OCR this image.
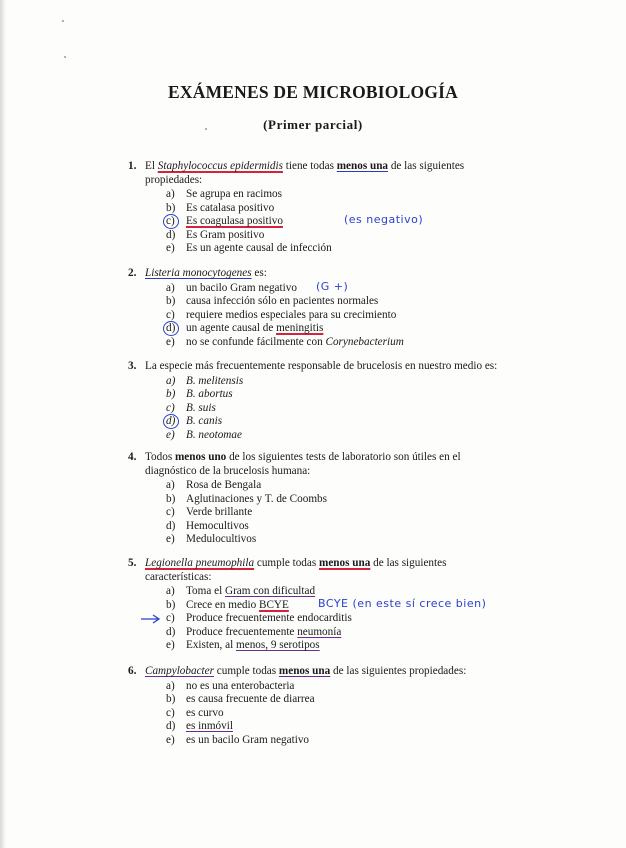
EXÁMENES DE MICROBIOLOGÍA
(Primer parcial)
1. El Staphylococcus epidermidis tiene todas menos una de las siguientes
propiedades:
a) Se agrupa en racimos
b) Es catalasa positivo
c) Es coagulasa positivo	(es negativo)
d) Es Gram positivo
e) Es un agente causal de infección
2. Listeria monocytogenes es:
a) un bacilo Gram negativo (G +)
b) causa infección sólo en pacientes normales
c) requiere medios especiales para su crecimiento
d) un agente causal de meningitis
e) no se confunde fácilmente con Corynebacterium
3. La especie más frecuentemente responsable de brucelosis en nuestro medio es:
a) B. melitensis
b) B. abortus
c) B. suis
d) B. canis
e) B. neotomae
4. Todos menos uno de los siguientes tests de laboratorio son útiles en el
diagnóstico de la brucelosis humana:
a) Rosa de Bengala
b) Aglutinaciones y T. de Coombs
c) Verde brillante
d) Hemocultivos
e) Medulocultivos
5. Legionella pneumophila cumple todas menos una de las siguientes
características:
a) Toma el Gram con dificultad
b) Crece en medio BCYE	BCYE (en este sí crece bien)
c) Produce frecuentemente endocarditis
d) Produce frecuentemente neumonía
e) Existen, al menos, 9 serotipos
6. Campylobacter cumple todas menos una de las siguientes propiedades:
a) no es una enterobacteria
b) es causa frecuente de diarrea
c) es curvo
d) es inmóvil
e) es un bacilo Gram negativo
